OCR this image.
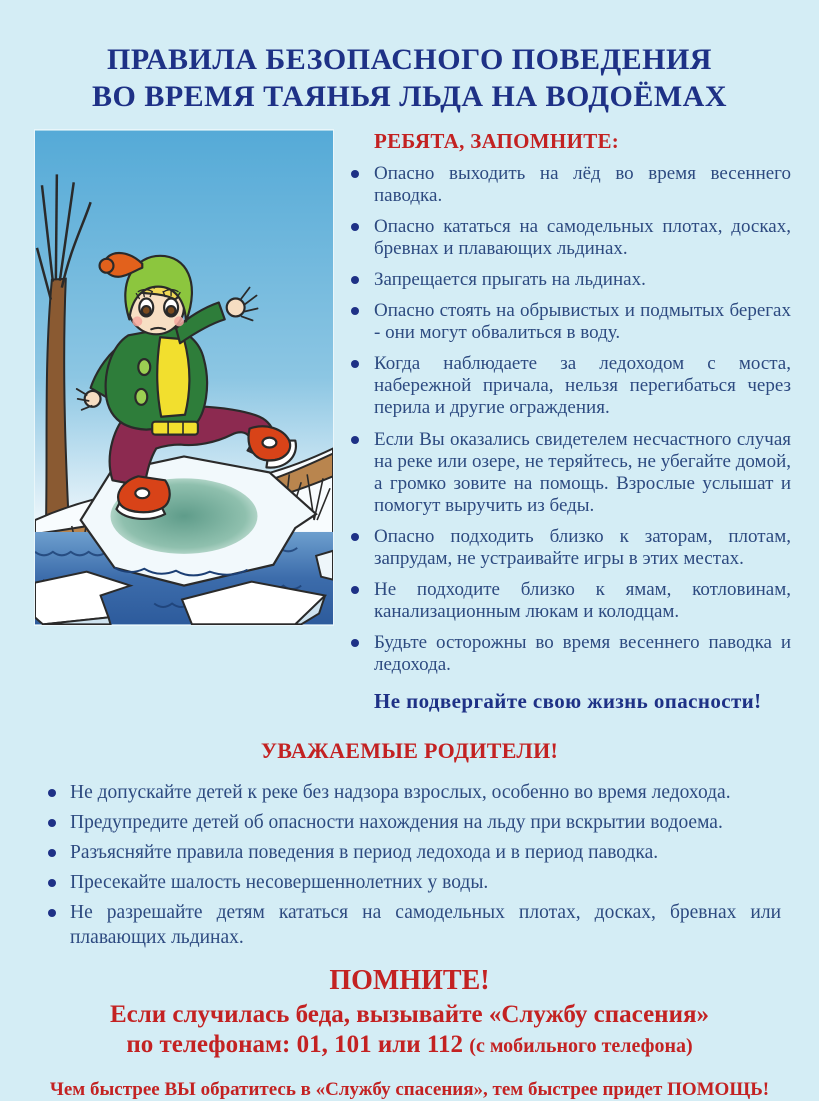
ПРАВИЛА БЕЗОПАСНОГО ПОВЕДЕНИЯ
ВО ВРЕМЯ ТАЯНЬЯ ЛЬДА НА ВОДОЁМАХ
РЕБЯТА, ЗАПОМНИТЕ:
Опасно выходить на лёд во время весеннего паводка.
Опасно кататься на самодельных плотах, досках, бревнах и плавающих льдинах.
Запрещается прыгать на льдинах.
Опасно стоять на обрывистых и подмытых берегах - они могут обвалиться в воду.
Когда наблюдаете за ледоходом с моста, набережной причала, нельзя перегибаться через перила и другие ограждения.
Если Вы оказались свидетелем несчастного случая на реке или озере, не теряйтесь, не убегайте домой, а громко зовите на помощь. Взрослые услышат и помогут выручить из беды.
Опасно подходить близко к заторам, плотам, запрудам, не устраивайте игры в этих местах.
Не подходите близко к ямам, котловинам, канализационным люкам и колодцам.
Будьте осторожны во время весеннего паводка и ледохода.

Не подвергайте свою жизнь опасности!

УВАЖАЕМЫЕ РОДИТЕЛИ!
Не допускайте детей к реке без надзора взрослых, особенно во время ледохода.
Предупредите детей об опасности нахождения на льду при вскрытии водоема.
Разъясняйте правила поведения в период ледохода и в период паводка.
Пресекайте шалость несовершеннолетних у воды.
Не разрешайте детям кататься на самодельных плотах, досках, бревнах или плавающих льдинах.
ПОМНИТЕ!

Если случилась беда, вызывайте «Службу спасения»

по телефонам: 01, 101 или 112 (с мобильного телефона)

Чем быстрее ВЫ обратитесь в «Службу спасения», тем быстрее придет ПОМОЩЬ!
